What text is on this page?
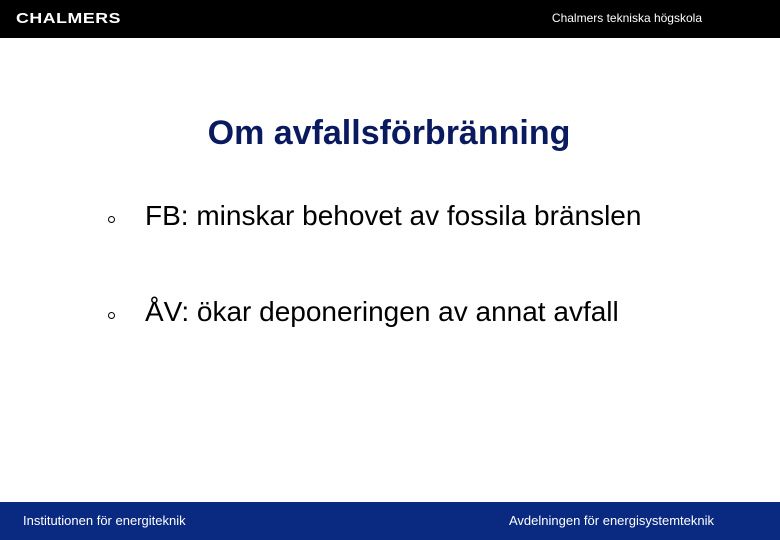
CHALMERS	Chalmers tekniska högskola
Om avfallsförbränning
FB: minskar behovet av fossila bränslen
ÅV: ökar deponeringen av annat avfall
Institutionen för energiteknik	Avdelningen för energisystemteknik
